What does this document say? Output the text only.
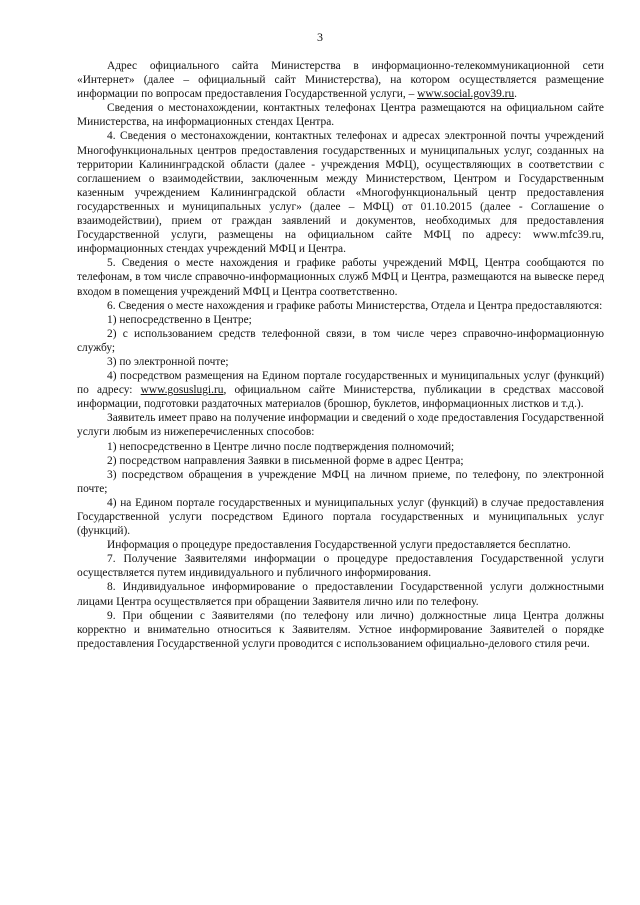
3

Адрес официального сайта Министерства в информационно-телекоммуникационной сети «Интернет» (далее – официальный сайт Министерства), на котором осуществляется размещение информации по вопросам предоставления Государственной услуги, – www.social.gov39.ru.

Сведения о местонахождении, контактных телефонах Центра размещаются на официальном сайте Министерства, на информационных стендах Центра.

4. Сведения о местонахождении, контактных телефонах и адресах электронной почты учреждений Многофункциональных центров предоставления государственных и муниципальных услуг, созданных на территории Калининградской области (далее - учреждения МФЦ), осуществляющих в соответствии с соглашением о взаимодействии, заключенным между Министерством, Центром и Государственным казенным учреждением Калининградской области «Многофункциональный центр предоставления государственных и муниципальных услуг» (далее – МФЦ) от 01.10.2015 (далее - Соглашение о взаимодействии), прием от граждан заявлений и документов, необходимых для предоставления Государственной услуги, размещены на официальном сайте МФЦ по адресу: www.mfc39.ru, информационных стендах учреждений МФЦ и Центра.

5. Сведения о месте нахождения и графике работы учреждений МФЦ, Центра сообщаются по телефонам, в том числе справочно-информационных служб МФЦ и Центра, размещаются на вывеске перед входом в помещения учреждений МФЦ и Центра соответственно.

6. Сведения о месте нахождения и графике работы Министерства, Отдела и Центра предоставляются:

1) непосредственно в Центре;

2) с использованием средств телефонной связи, в том числе через справочно-информационную службу;

3) по электронной почте;

4) посредством размещения на Едином портале государственных и муниципальных услуг (функций) по адресу: www.gosuslugi.ru, официальном сайте Министерства, публикации в средствах массовой информации, подготовки раздаточных материалов (брошюр, буклетов, информационных листков и т.д.).

Заявитель имеет право на получение информации и сведений о ходе предоставления Государственной услуги любым из нижеперечисленных способов:

1) непосредственно в Центре лично после подтверждения полномочий;

2) посредством направления Заявки в письменной форме в адрес Центра;

3) посредством обращения в учреждение МФЦ на личном приеме, по телефону, по электронной почте;

4) на Едином портале государственных и муниципальных услуг (функций) в случае предоставления Государственной услуги посредством Единого портала государственных и муниципальных услуг (функций).

Информация о процедуре предоставления Государственной услуги предоставляется бесплатно.

7. Получение Заявителями информации о процедуре предоставления Государственной услуги осуществляется путем индивидуального и публичного информирования.

8. Индивидуальное информирование о предоставлении Государственной услуги должностными лицами Центра осуществляется при обращении Заявителя лично или по телефону.

9. При общении с Заявителями (по телефону или лично) должностные лица Центра должны корректно и внимательно относиться к Заявителям. Устное информирование Заявителей о порядке предоставления Государственной услуги проводится с использованием официально-делового стиля речи.
